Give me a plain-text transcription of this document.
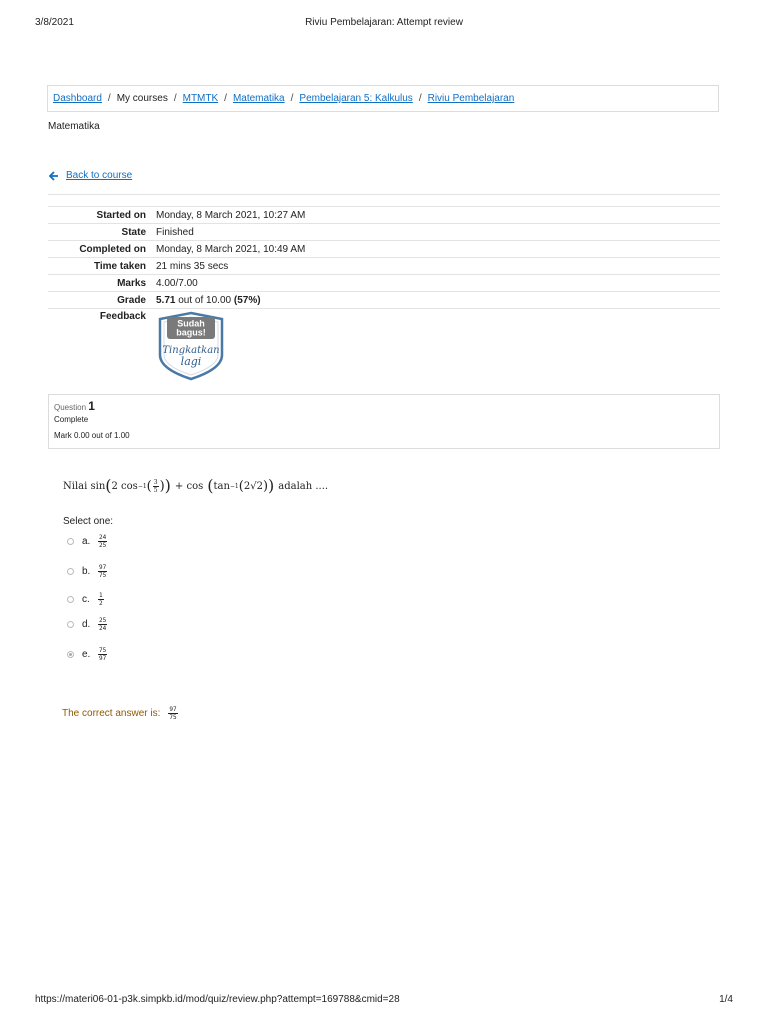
3/8/2021	Riviu Pembelajaran: Attempt review
Dashboard / My courses / MTMTK / Matematika / Pembelajaran 5: Kalkulus / Riviu Pembelajaran
Matematika
Back to course
Started on	Monday, 8 March 2021, 10:27 AM
State	Finished
Completed on	Monday, 8 March 2021, 10:49 AM
Time taken	21 mins 35 secs
Marks	4.00/7.00
Grade	5.71 out of 10.00 (57%)
Feedback	Sudah
bagus!
Tingkatkan
lagi
Question 1
Complete
Mark 0.00 out of 1.00
Nilai sin ( 2 cos −1 ( $\frac{3}{5}$ ) ) + cos ( tan −1 ( 2√2 ) ) adalah ....
Select one:
a.	24
25
b.	97
75
c.	1
2
d.	25
24
e.	75
97
The correct answer is: 97
75
https://materi06-01-p3k.simpkb.id/mod/quiz/review.php?attempt=169788&cmid=28	1/4
